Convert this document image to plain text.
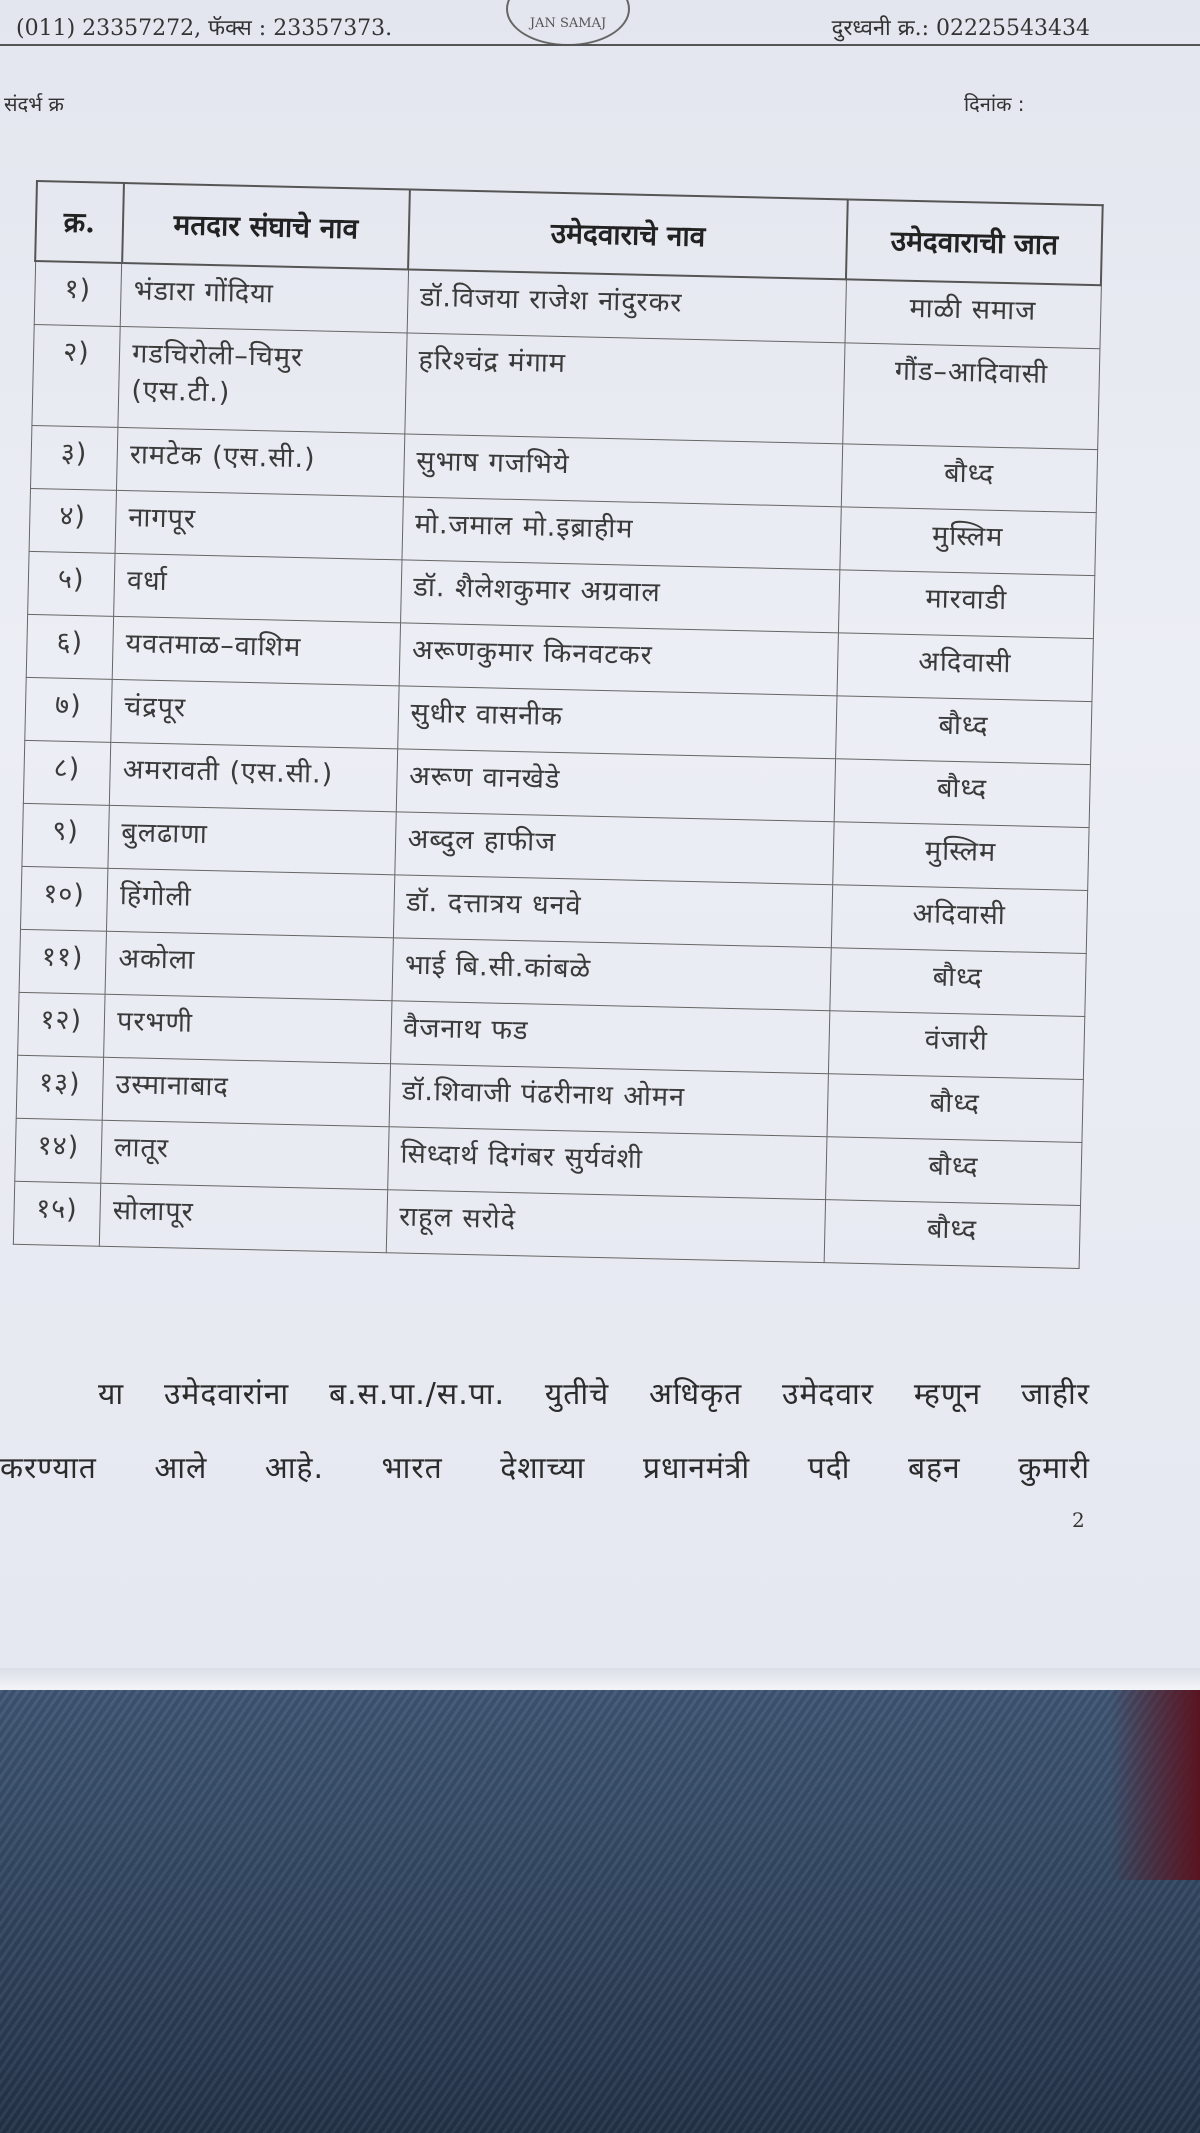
(011) 23357272, फॅक्स : 23357373.	JAN SAMAJ	दुरध्वनी क्र.: 02225543434
संदर्भ क्र	दिनांक :
क्र.	मतदार संघाचे नाव	उमेदवाराचे नाव	उमेदवाराची जात
१)	भंडारा गोंदिया	डॉ.विजया राजेश नांदुरकर	माळी समाज
२)	गडचिरोली–चिमुर (एस.टी.)	हरिश्चंद्र मंगाम	गौंड–आदिवासी
३)	रामटेक (एस.सी.)	सुभाष गजभिये	बौध्द
४)	नागपूर	मो.जमाल मो.इब्राहीम	मुस्लिम
५)	वर्धा	डॉ. शैलेशकुमार अग्रवाल	मारवाडी
६)	यवतमाळ–वाशिम	अरूणकुमार किनवटकर	अदिवासी
७)	चंद्रपूर	सुधीर वासनीक	बौध्द
८)	अमरावती (एस.सी.)	अरूण वानखेडे	बौध्द
९)	बुलढाणा	अब्दुल हाफीज	मुस्लिम
१०)	हिंगोली	डॉ. दत्तात्रय धनवे	अदिवासी
११)	अकोला	भाई बि.सी.कांबळे	बौध्द
१२)	परभणी	वैजनाथ फड	वंजारी
१३)	उस्मानाबाद	डॉ.शिवाजी पंढरीनाथ ओमन	बौध्द
१४)	लातूर	सिध्दार्थ दिगंबर सुर्यवंशी	बौध्द
१५)	सोलापूर	राहूल सरोदे	बौध्द

या उमेदवारांना ब.स.पा./स.पा. युतीचे अधिकृत उमेदवार म्हणून जाहीर

करण्यात आले आहे. भारत देशाच्या प्रधानमंत्री पदी बहन कुमारी

2
